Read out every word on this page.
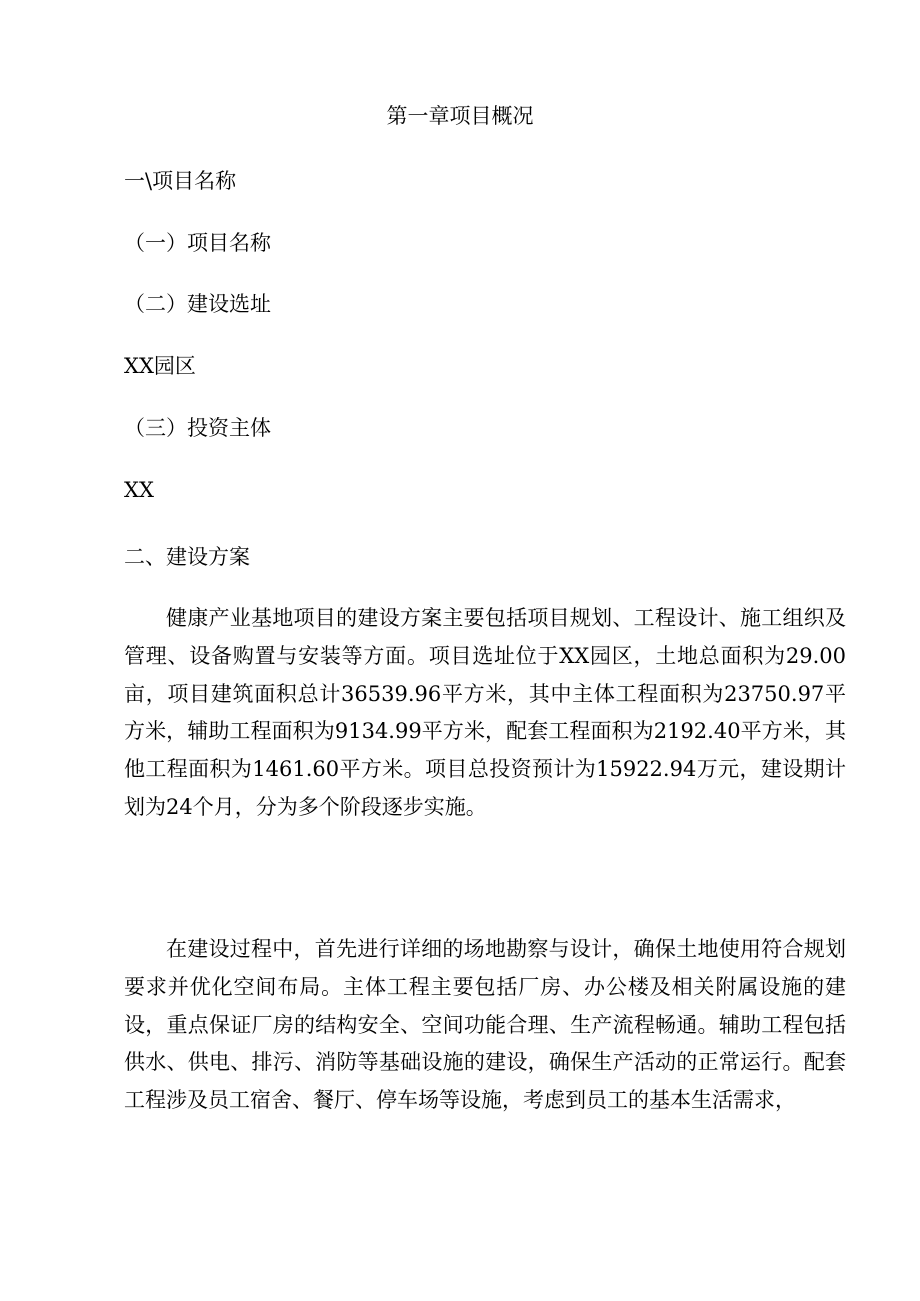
第一章项目概况
一\项目名称
（一）项目名称
（二）建设选址
XX园区
（三）投资主体
XX
二、建设方案

健康产业基地项目的建设方案主要包括项目规划、工程设计、施工组织及管理、设备购置与安装等方面。项目选址位于XX园区，土地总面积为29.00亩，项目建筑面积总计36539.96平方米，其中主体工程面积为23750.97平方米，辅助工程面积为9134.99平方米，配套工程面积为2192.40平方米，其他工程面积为1461.60平方米。项目总投资预计为15922.94万元，建设期计划为24个月，分为多个阶段逐步实施。

在建设过程中，首先进行详细的场地勘察与设计，确保土地使用符合规划要求并优化空间布局。主体工程主要包括厂房、办公楼及相关附属设施的建设，重点保证厂房的结构安全、空间功能合理、生产流程畅通。辅助工程包括供水、供电、排污、消防等基础设施的建设，确保生产活动的正常运行。配套工程涉及员工宿舍、餐厅、停车场等设施，考虑到员工的基本生活需求，
